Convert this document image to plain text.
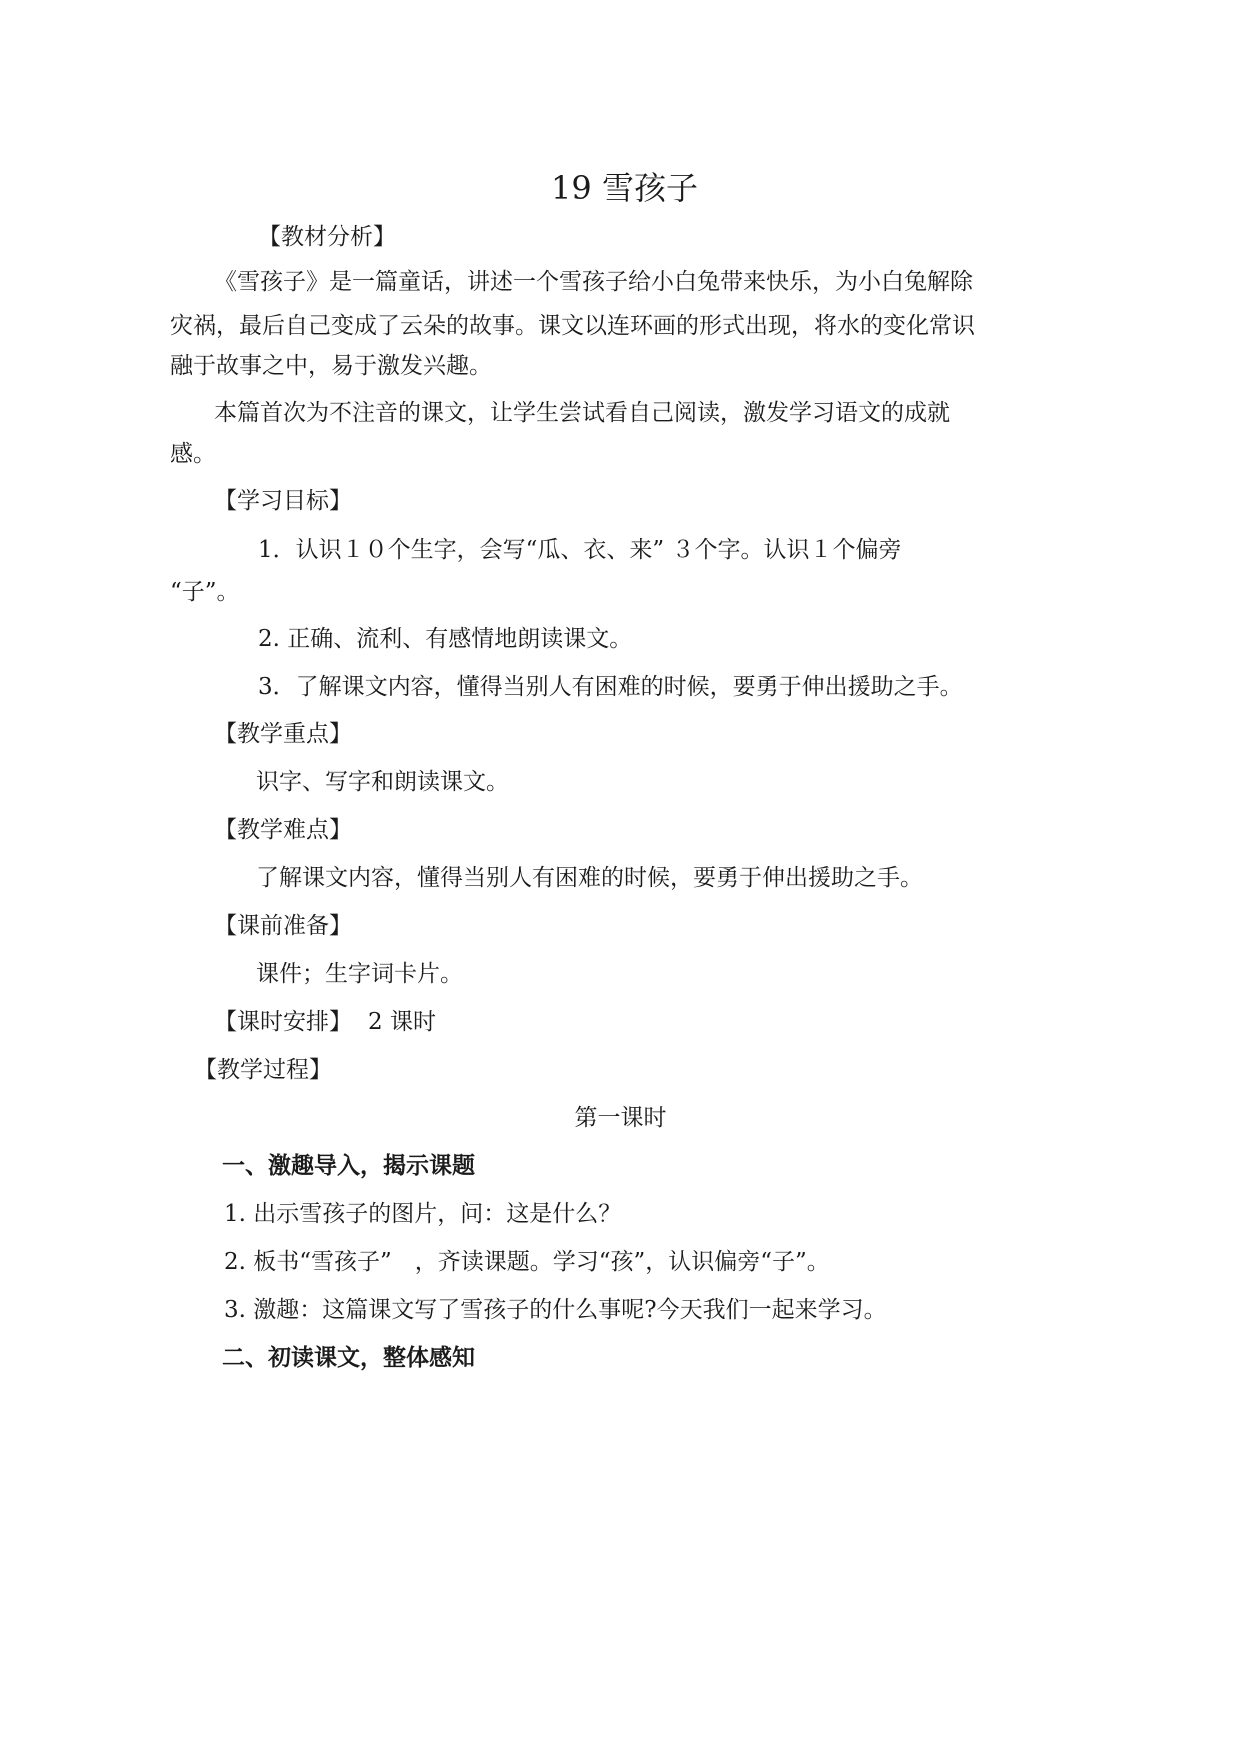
19 雪孩子
【教材分析】
《雪孩子》是一篇童话，讲述一个雪孩子给小白兔带来快乐，为小白兔解除
灾祸，最后自己变成了云朵的故事。课文以连环画的形式出现，将水的变化常识
融于故事之中，易于激发兴趣。
本篇首次为不注音的课文，让学生尝试看自己阅读，激发学习语文的成就
感。
【学习目标】
1．认识１０个生字，会写“瓜、衣、来” ３个字。认识１个偏旁
“子”。
2. 正确、流利、有感情地朗读课文。
3．了解课文内容，懂得当别人有困难的时候，要勇于伸出援助之手。
【教学重点】
识字、写字和朗读课文。
【教学难点】
了解课文内容，懂得当别人有困难的时候，要勇于伸出援助之手。
【课前准备】
课件；生字词卡片。
【课时安排】 2 课时
【教学过程】
第一课时
一、激趣导入，揭示课题
1. 出示雪孩子的图片，问：这是什么？
2. 板书“雪孩子”　，齐读课题。学习“孩”，认识偏旁“子”。
3. 激趣：这篇课文写了雪孩子的什么事呢?今天我们一起来学习。
二、初读课文，整体感知
